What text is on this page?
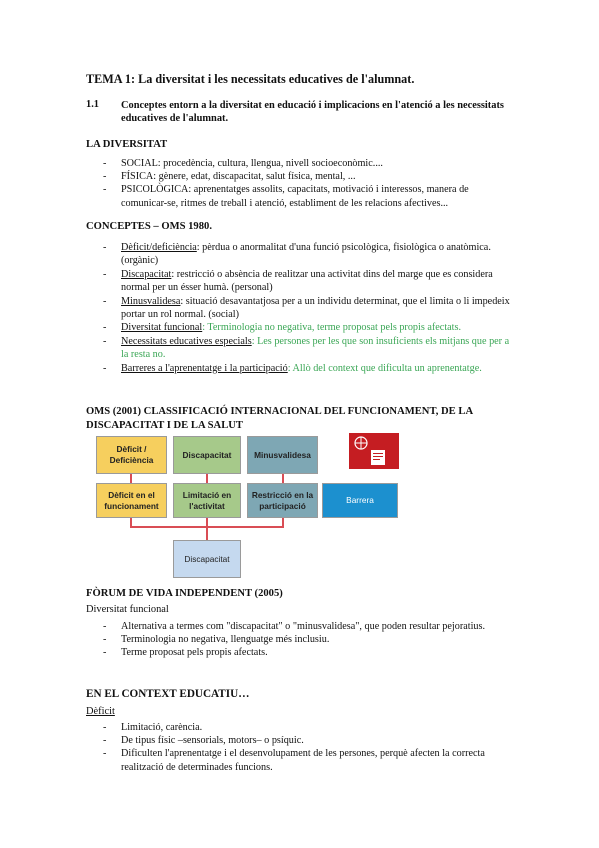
TEMA 1: La diversitat i les necessitats educatives de l'alumnat.
1.1 Conceptes entorn a la diversitat en educació i implicacions en l'atenció a les necessitats educatives de l'alumnat.
LA DIVERSITAT
- SOCIAL: procedència, cultura, llengua, nivell socioeconòmic....
- FÍSICA: gènere, edat, discapacitat, salut física, mental, ...
- PSICOLÒGICA: aprenentatges assolits, capacitats, motivació i interessos, manera de comunicar-se, ritmes de treball i atenció, establiment de les relacions afectives...
CONCEPTES – OMS 1980.
- Dèficit/deficiència: pèrdua o anormalitat d'una funció psicològica, fisiològica o anatòmica. (orgànic)
- Discapacitat: restricció o absència de realitzar una activitat dins del marge que es considera normal per un ésser humà. (personal)
- Minusvalidesa: situació desavantatjosa per a un individu determinat, que el limita o li impedeix portar un rol normal. (social)
- Diversitat funcional: Terminologia no negativa, terme proposat pels propis afectats.
- Necessitats educatives especials: Les persones per les que son insuficients els mitjans que per a la resta no.
- Barreres a l'aprenentatge i la participació: Allò del context que dificulta un aprenentatge.
OMS (2001) CLASSIFICACIÓ INTERNACIONAL DEL FUNCIONAMENT, DE LA
DISCAPACITAT I DE LA SALUT
Dèficit / Deficiència
Discapacitat	Minusvalidesa
Dèficit en el funcionament
Limitació en l'activitat
Restricció en la participació
Barrera
Discapacitat
FÒRUM DE VIDA INDEPENDENT (2005)
Diversitat funcional
- Alternativa a termes com "discapacitat" o "minusvalidesa", que poden resultar pejoratius.
- Terminologia no negativa, llenguatge més inclusiu.
- Terme proposat pels propis afectats.
EN EL CONTEXT EDUCATIU…
Dèficit
- Limitació, carència.
- De tipus físic –sensorials, motors– o psíquic.
- Dificulten l'aprenentatge i el desenvolupament de les persones, perquè afecten la correcta realització de determinades funcions.
